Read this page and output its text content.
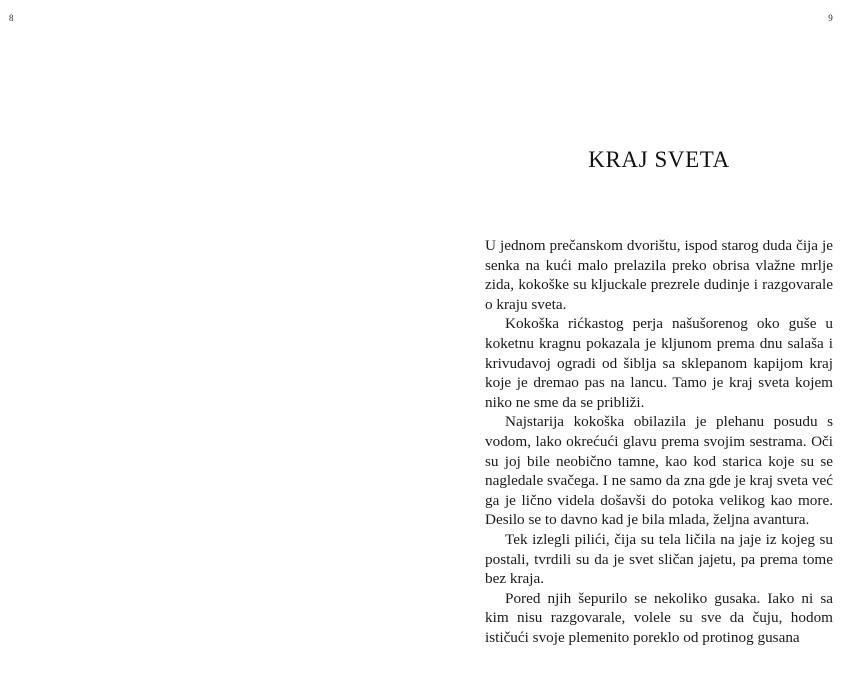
8	9
KRAJ SVETA

U jednom prečanskom dvorištu, ispod starog duda čija je senka na kući malo prelazila preko obrisa vlažne mrlje zida, kokoške su kljuckale prezrele dudinje i razgovarale o kraju sveta.

Kokoška rićkastog perja našušorenog oko guše u koketnu kragnu pokazala je kljunom prema dnu salaša i krivudavoj ogradi od šiblja sa sklepanom kapijom kraj koje je dremao pas na lancu. Tamo je kraj sveta kojem niko ne sme da se približi.

Najstarija kokoška obilazila je plehanu posudu s vodom, lako okrećući glavu prema svojim sestrama. Oči su joj bile neobično tamne, kao kod starica koje su se nagledale svačega. I ne samo da zna gde je kraj sveta već ga je lično videla došavši do potoka velikog kao more. Desilo se to davno kad je bila mlada, željna avantura.

Tek izlegli pilići, čija su tela ličila na jaje iz kojeg su postali, tvrdili su da je svet sličan jajetu, pa prema tome bez kraja.

Pored njih šepurilo se nekoliko gusaka. Iako ni sa kim nisu razgovarale, volele su sve da čuju, hodom ističući svoje plemenito poreklo od protinog gusana
